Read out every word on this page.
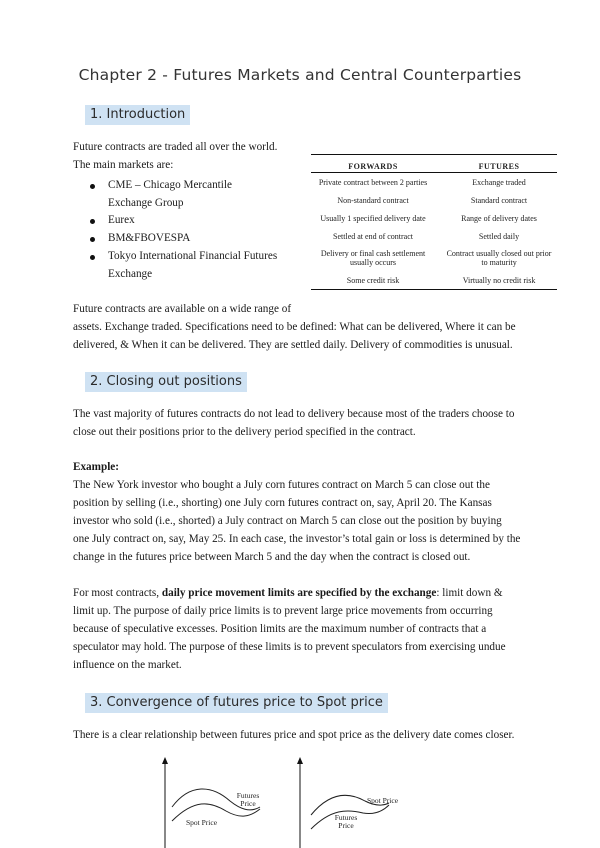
Chapter 2 - Futures Markets and Central Counterparties
1. Introduction
Future contracts are traded all over the world.
The main markets are:
CME – Chicago Mercantile Exchange Group
Eurex
BM&FBOVESPA
Tokyo International Financial Futures Exchange
FORWARDS	FUTURES
Private contract between 2 parties	Exchange traded
Non-standard contract	Standard contract
Usually 1 specified delivery date	Range of delivery dates
Settled at end of contract	Settled daily
Delivery or final cash settlement usually occurs	Contract usually closed out prior to maturity
Some credit risk	Virtually no credit risk
Future contracts are available on a wide range of
assets. Exchange traded. Specifications need to be defined: What can be delivered, Where it can be
delivered, & When it can be delivered. They are settled daily. Delivery of commodities is unusual.
2. Closing out positions
The vast majority of futures contracts do not lead to delivery because most of the traders choose to
close out their positions prior to the delivery period specified in the contract.
Example:
The New York investor who bought a July corn futures contract on March 5 can close out the
position by selling (i.e., shorting) one July corn futures contract on, say, April 20. The Kansas
investor who sold (i.e., shorted) a July contract on March 5 can close out the position by buying
one July contract on, say, May 25. In each case, the investor’s total gain or loss is determined by the
change in the futures price between March 5 and the day when the contract is closed out.
For most contracts, daily price movement limits are specified by the exchange: limit down &
limit up. The purpose of daily price limits is to prevent large price movements from occurring
because of speculative excesses. Position limits are the maximum number of contracts that a
speculator may hold. The purpose of these limits is to prevent speculators from exercising undue
influence on the market.
3. Convergence of futures price to Spot price
There is a clear relationship between futures price and spot price as the delivery date comes closer.
Futures
Price
Spot Price
Spot Price
Futures
Price
